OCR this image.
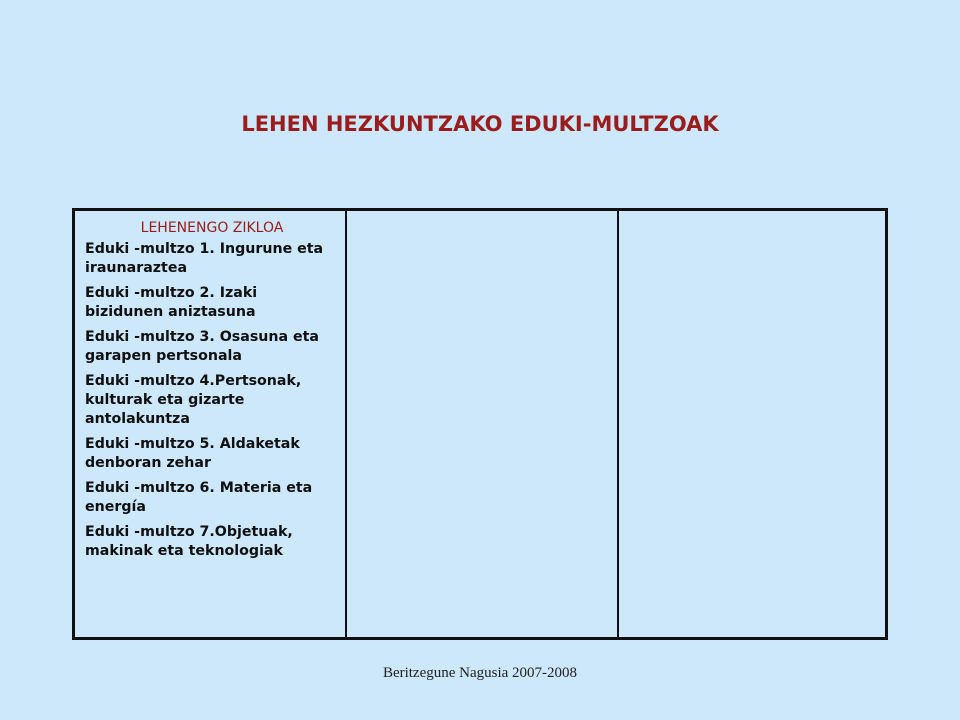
LEHEN HEZKUNTZAKO EDUKI-MULTZOAK
LEHENENGO ZIKLOA
Eduki -multzo 1. Ingurune eta iraunaraztea
Eduki -multzo 2. Izaki bizidunen aniztasuna
Eduki -multzo 3. Osasuna eta garapen pertsonala
Eduki -multzo 4.Pertsonak, kulturak eta gizarte antolakuntza
Eduki -multzo 5. Aldaketak denboran zehar
Eduki -multzo 6. Materia eta energía
Eduki -multzo 7.Objetuak, makinak eta teknologiak
Beritzegune Nagusia 2007-2008
